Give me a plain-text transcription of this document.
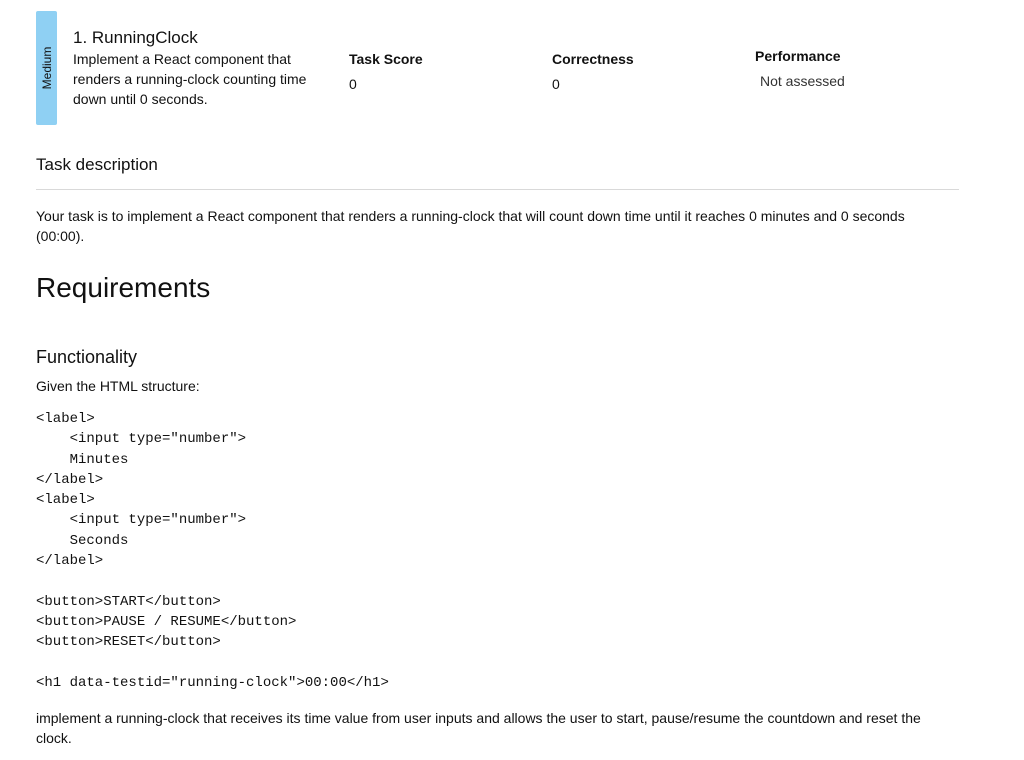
Medium
1. RunningClock
Implement a React component that renders a running-clock counting time down until 0 seconds.
Task Score
0
Correctness
0
Performance
Not assessed
Task description
Your task is to implement a React component that renders a running-clock that will count down time until it reaches 0 minutes and 0 seconds (00:00).
Requirements
Functionality
Given the HTML structure:
<label>
<input type="number">
Minutes
</label>
<label>
<input type="number">
Seconds
</label>
<button>START</button>
<button>PAUSE / RESUME</button>
<button>RESET</button>
<h1 data-testid="running-clock">00:00</h1>
implement a running-clock that receives its time value from user inputs and allows the user to start, pause/resume the countdown and reset the clock.
